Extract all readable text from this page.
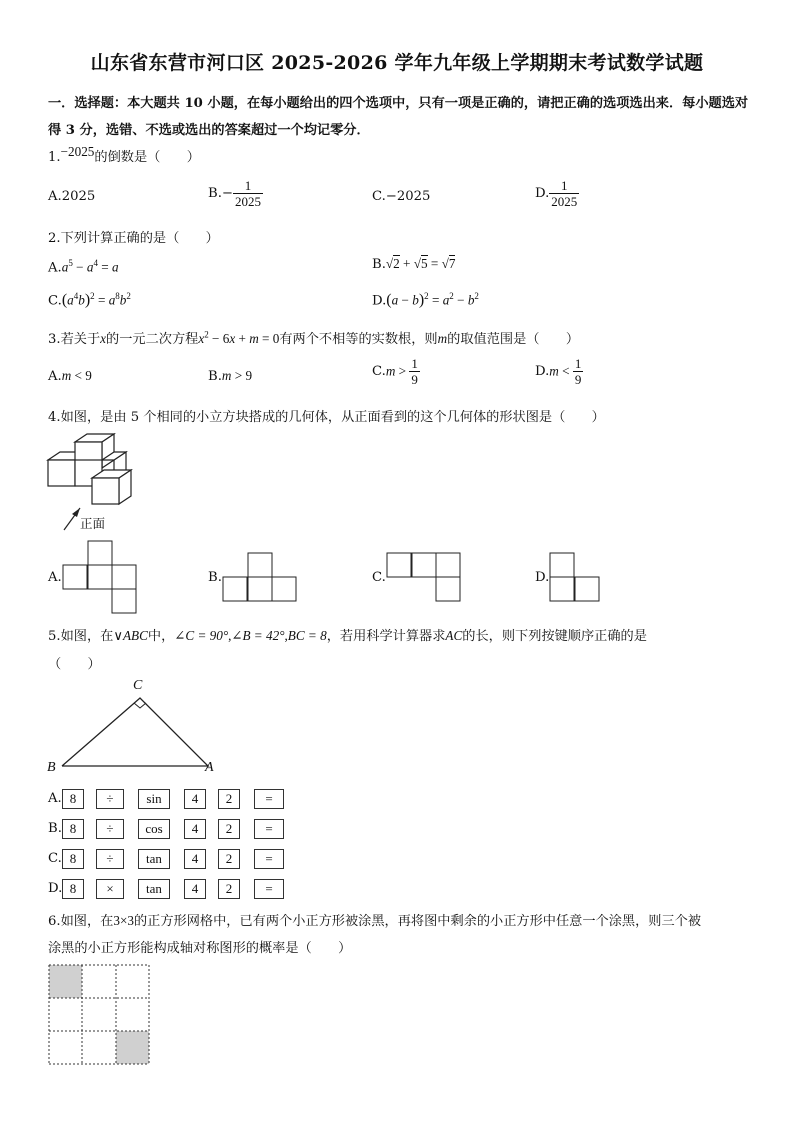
山东省东营市河口区 2025-2026 学年九年级上学期期末考试数学试题
一．选择题：本大题共 10 小题，在每小题给出的四个选项中，只有一项是正确的，请把正确的选项选出来．每小题选对得 3 分，选错、不选或选出的答案超过一个均记零分．
1.−2025的倒数是（　　）
A.2025	$B.- \frac{1}{2025}$	C.−2025	D. $\frac{1}{2025}$
2.下列计算正确的是（　　）
$A.a^5 - a^4 = a$	B.√2 + √5 = √7
$C.(a^4b)^2 = a^8b^2$	$D.(a - b)^2 = a^2 - b^2$
3.若关于x的一元二次方程$x^2 - 6x + m = 0$有两个不相等的实数根，则m的取值范围是（　　）
A.m < 9	B.m > 9	$C.m > \frac{1}{9}$	$D.m < \frac{1}{9}$
4.如图，是由 5 个相同的小立方块搭成的几何体，从正面看到的这个几何体的形状图是（　　）
正面
A.	B.	C.	D.
5.如图，在∨ABC中，∠C = 90°,∠B = 42°,BC = 8，若用科学计算器求AC的长，则下列按键顺序正确的是
（　　）
C
B	A
A. 8	÷	sin	4	2	=
B. 8	÷	cos	4	2	=
C. 8	÷	tan	4	2	=
D. 8	×	tan	4	2	=
6.如图，在3×3的正方形网格中，已有两个小正方形被涂黑，再将图中剩余的小正方形中任意一个涂黑，则三个被
涂黑的小正方形能构成轴对称图形的概率是（　　）
